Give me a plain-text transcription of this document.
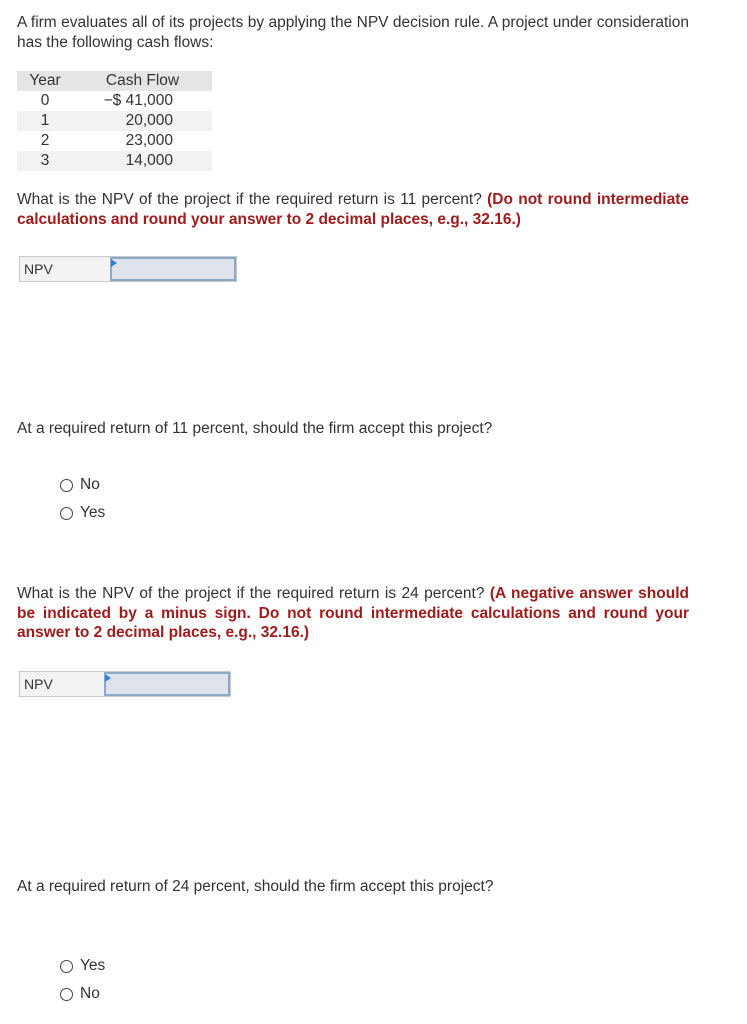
A firm evaluates all of its projects by applying the NPV decision rule. A project under consideration has the following cash flows:

Year	Cash Flow
0	−$ 41,000
1	20,000
2	23,000
3	14,000

What is the NPV of the project if the required return is 11 percent? (Do not round intermediate calculations and round your answer to 2 decimal places, e.g., 32.16.)

NPV

At a required return of 11 percent, should the firm accept this project?

No
Yes

What is the NPV of the project if the required return is 24 percent? (A negative answer should be indicated by a minus sign. Do not round intermediate calculations and round your answer to 2 decimal places, e.g., 32.16.)

NPV

At a required return of 24 percent, should the firm accept this project?

Yes
No
